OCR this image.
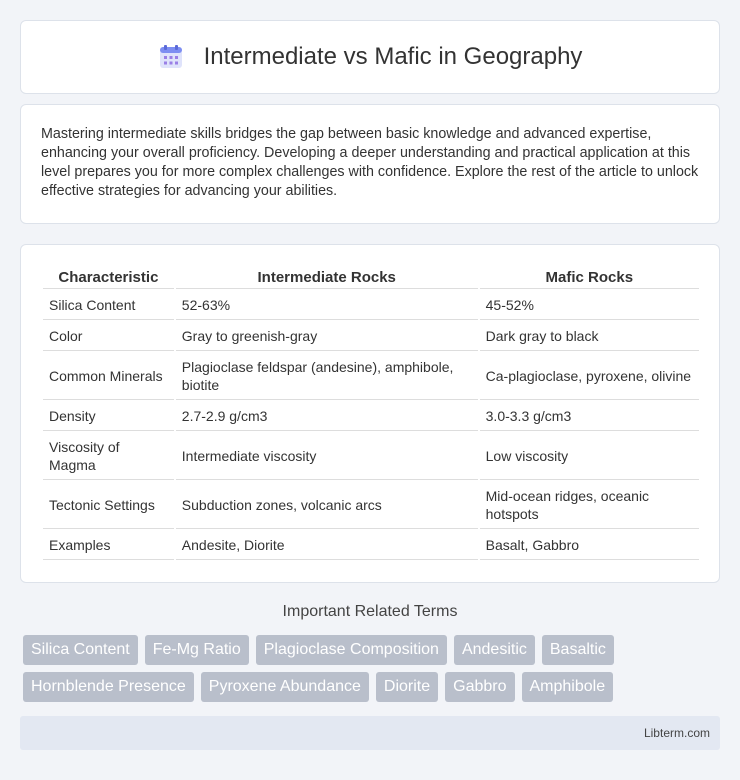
Intermediate vs Mafic in Geography

Mastering intermediate skills bridges the gap between basic knowledge and advanced expertise, enhancing your overall proficiency. Developing a deeper understanding and practical application at this level prepares you for more complex challenges with confidence. Explore the rest of the article to unlock effective strategies for advancing your abilities.

Characteristic	Intermediate Rocks	Mafic Rocks
Silica Content	52-63%	45-52%
Color	Gray to greenish-gray	Dark gray to black
Common Minerals	Plagioclase feldspar (andesine), amphibole, biotite	Ca-plagioclase, pyroxene, olivine
Density	2.7-2.9 g/cm3	3.0-3.3 g/cm3
Viscosity of Magma	Intermediate viscosity	Low viscosity
Tectonic Settings	Subduction zones, volcanic arcs	Mid-ocean ridges, oceanic hotspots
Examples	Andesite, Diorite	Basalt, Gabbro
Important Related Terms
Silica Content	Fe-Mg Ratio	Plagioclase Composition	Andesitic	Basaltic
Hornblende Presence	Pyroxene Abundance	Diorite	Gabbro	Amphibole
Libterm.com
